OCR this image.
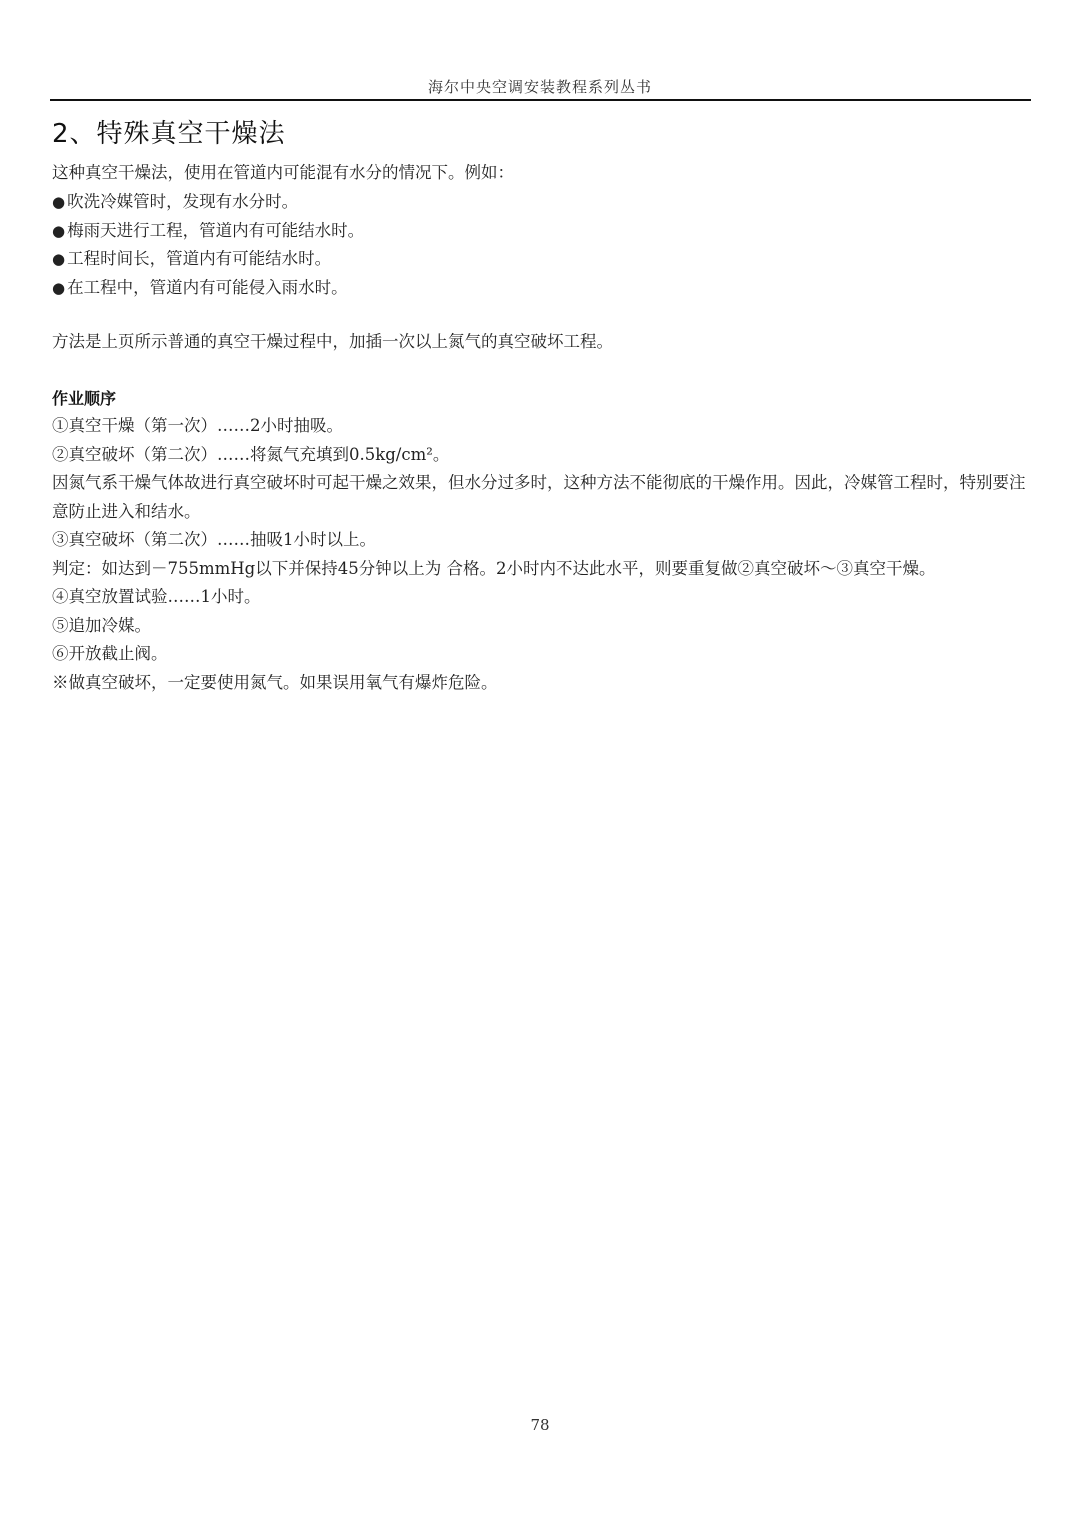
海尔中央空调安装教程系列丛书
2、特殊真空干燥法
这种真空干燥法，使用在管道内可能混有水分的情况下。例如：
● 吹洗冷媒管时，发现有水分时。
● 梅雨天进行工程，管道内有可能结水时。
● 工程时间长，管道内有可能结水时。
● 在工程中，管道内有可能侵入雨水时。
方法是上页所示普通的真空干燥过程中，加插一次以上氮气的真空破坏工程。
作业顺序
①真空干燥（第一次）……2小时抽吸。
②真空破坏（第二次）……将氮气充填到0.5kg/cm²。
因氮气系干燥气体故进行真空破坏时可起干燥之效果，但水分过多时，这种方法不能彻底的干燥作用。因此，冷媒管工程时，特别要注意防止进入和结水。
③真空破坏（第二次）……抽吸1小时以上。
判定：如达到－755mmHg以下并保持45分钟以上为 合格。2小时内不达此水平，则要重复做②真空破坏～③真空干燥。
④真空放置试验……1小时。
⑤追加冷媒。
⑥开放截止阀。
※做真空破坏，一定要使用氮气。如果误用氧气有爆炸危险。
78
